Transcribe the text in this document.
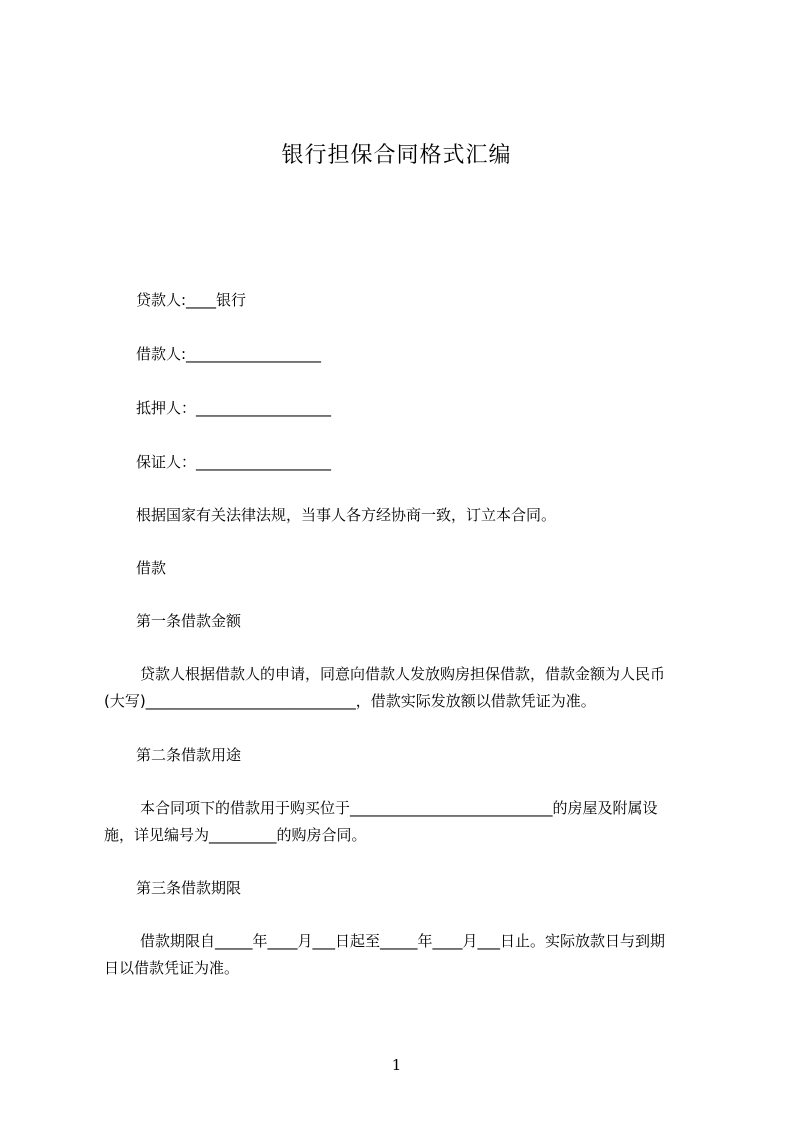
银行担保合同格式汇编
贷款人:____银行
借款人:__________________
抵押人：__________________
保证人：__________________
根据国家有关法律法规，当事人各方经协商一致，订立本合同。
借款
第一条借款金额
贷款人根据借款人的申请，同意向借款人发放购房担保借款，借款金额为人民币
(大写)____________________________，借款实际发放额以借款凭证为准。
第二条借款用途
本合同项下的借款用于购买位于___________________________的房屋及附属设
施，详见编号为_________的购房合同。
第三条借款期限
借款期限自_____年____月___日起至_____年____月___日止。实际放款日与到期
日以借款凭证为准。
1
